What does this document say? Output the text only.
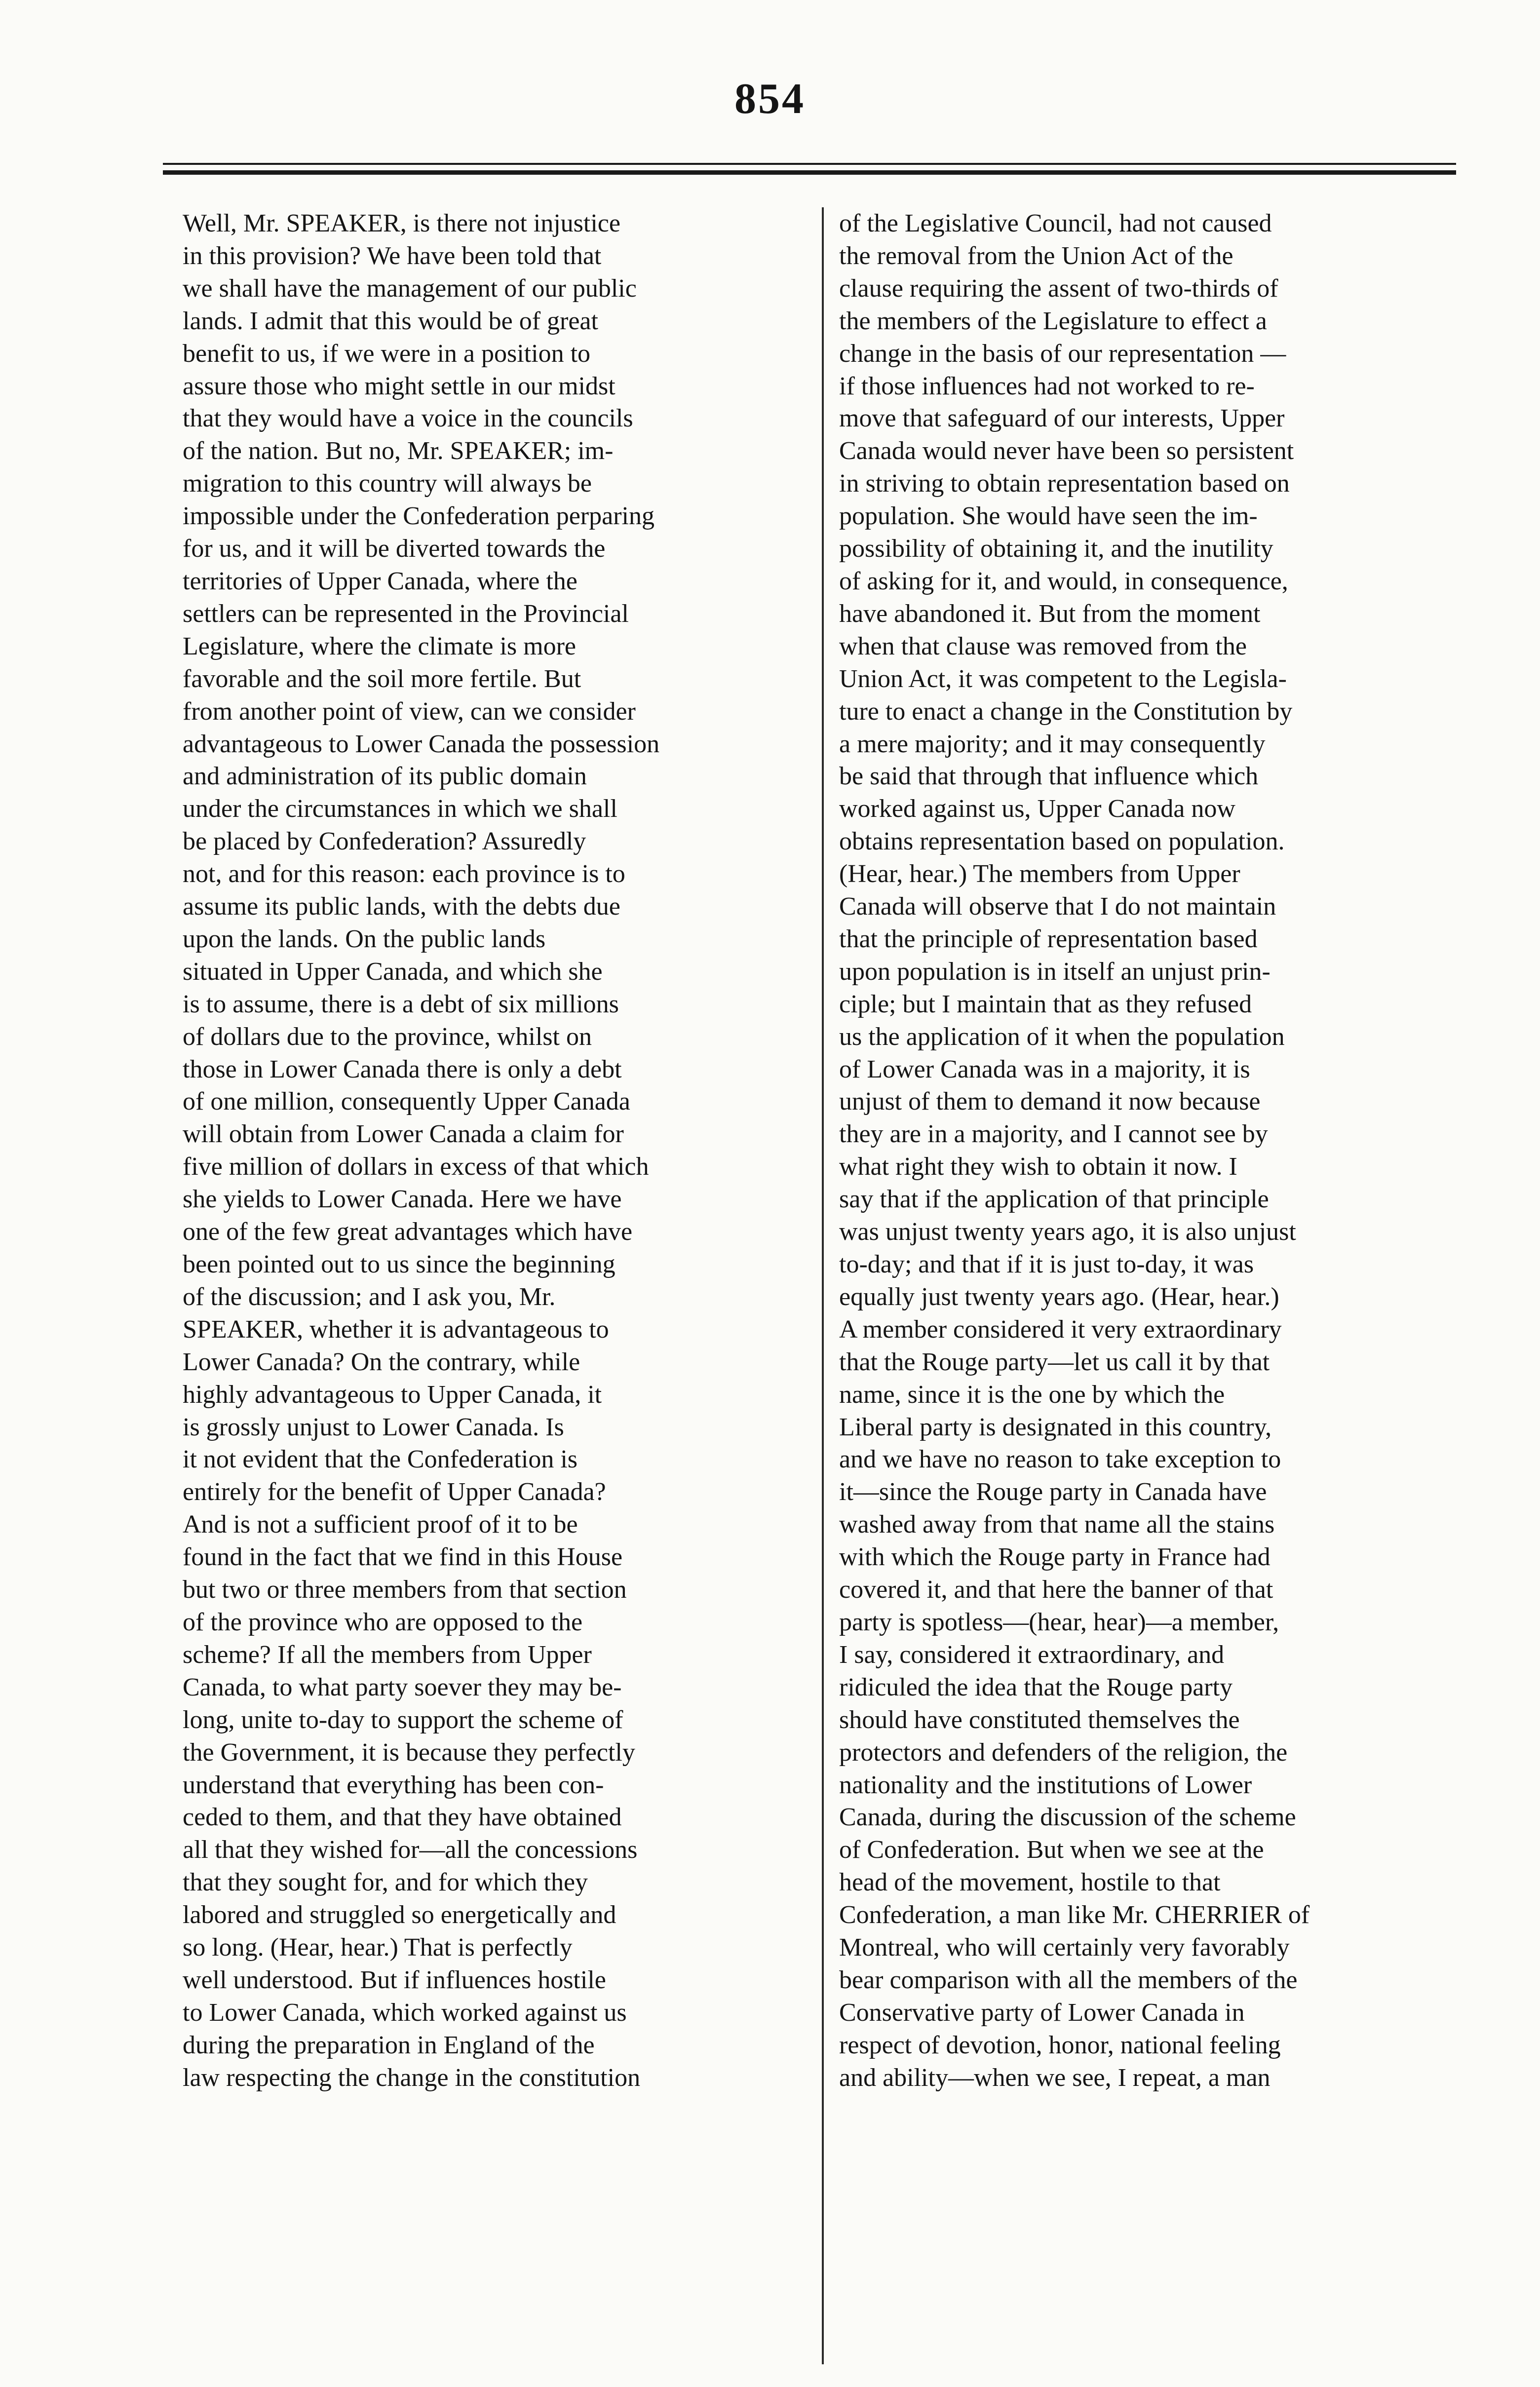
854
Well, Mr. SPEAKER, is there not injustice
in this provision? We have been told that
we shall have the management of our public
lands. I admit that this would be of great
benefit to us, if we were in a position to
assure those who might settle in our midst
that they would have a voice in the councils
of the nation. But no, Mr. SPEAKER; im-
migration to this country will always be
impossible under the Confederation perparing
for us, and it will be diverted towards the
territories of Upper Canada, where the
settlers can be represented in the Provincial
Legislature, where the climate is more
favorable and the soil more fertile. But
from another point of view, can we consider
advantageous to Lower Canada the possession
and administration of its public domain
under the circumstances in which we shall
be placed by Confederation? Assuredly
not, and for this reason: each province is to
assume its public lands, with the debts due
upon the lands. On the public lands
situated in Upper Canada, and which she
is to assume, there is a debt of six millions
of dollars due to the province, whilst on
those in Lower Canada there is only a debt
of one million, consequently Upper Canada
will obtain from Lower Canada a claim for
five million of dollars in excess of that which
she yields to Lower Canada. Here we have
one of the few great advantages which have
been pointed out to us since the beginning
of the discussion; and I ask you, Mr.
SPEAKER, whether it is advantageous to
Lower Canada? On the contrary, while
highly advantageous to Upper Canada, it
is grossly unjust to Lower Canada. Is
it not evident that the Confederation is
entirely for the benefit of Upper Canada?
And is not a sufficient proof of it to be
found in the fact that we find in this House
but two or three members from that section
of the province who are opposed to the
scheme? If all the members from Upper
Canada, to what party soever they may be-
long, unite to-day to support the scheme of
the Government, it is because they perfectly
understand that everything has been con-
ceded to them, and that they have obtained
all that they wished for—all the concessions
that they sought for, and for which they
labored and struggled so energetically and
so long. (Hear, hear.) That is perfectly
well understood. But if influences hostile
to Lower Canada, which worked against us
during the preparation in England of the
law respecting the change in the constitution
of the Legislative Council, had not caused
the removal from the Union Act of the
clause requiring the assent of two-thirds of
the members of the Legislature to effect a
change in the basis of our representation —
if those influences had not worked to re-
move that safeguard of our interests, Upper
Canada would never have been so persistent
in striving to obtain representation based on
population. She would have seen the im-
possibility of obtaining it, and the inutility
of asking for it, and would, in consequence,
have abandoned it. But from the moment
when that clause was removed from the
Union Act, it was competent to the Legisla-
ture to enact a change in the Constitution by
a mere majority; and it may consequently
be said that through that influence which
worked against us, Upper Canada now
obtains representation based on population.
(Hear, hear.) The members from Upper
Canada will observe that I do not maintain
that the principle of representation based
upon population is in itself an unjust prin-
ciple; but I maintain that as they refused
us the application of it when the population
of Lower Canada was in a majority, it is
unjust of them to demand it now because
they are in a majority, and I cannot see by
what right they wish to obtain it now. I
say that if the application of that principle
was unjust twenty years ago, it is also unjust
to-day; and that if it is just to-day, it was
equally just twenty years ago. (Hear, hear.)
A member considered it very extraordinary
that the Rouge party—let us call it by that
name, since it is the one by which the
Liberal party is designated in this country,
and we have no reason to take exception to
it—since the Rouge party in Canada have
washed away from that name all the stains
with which the Rouge party in France had
covered it, and that here the banner of that
party is spotless—(hear, hear)—a member,
I say, considered it extraordinary, and
ridiculed the idea that the Rouge party
should have constituted themselves the
protectors and defenders of the religion, the
nationality and the institutions of Lower
Canada, during the discussion of the scheme
of Confederation. But when we see at the
head of the movement, hostile to that
Confederation, a man like Mr. CHERRIER of
Montreal, who will certainly very favorably
bear comparison with all the members of the
Conservative party of Lower Canada in
respect of devotion, honor, national feeling
and ability—when we see, I repeat, a man
